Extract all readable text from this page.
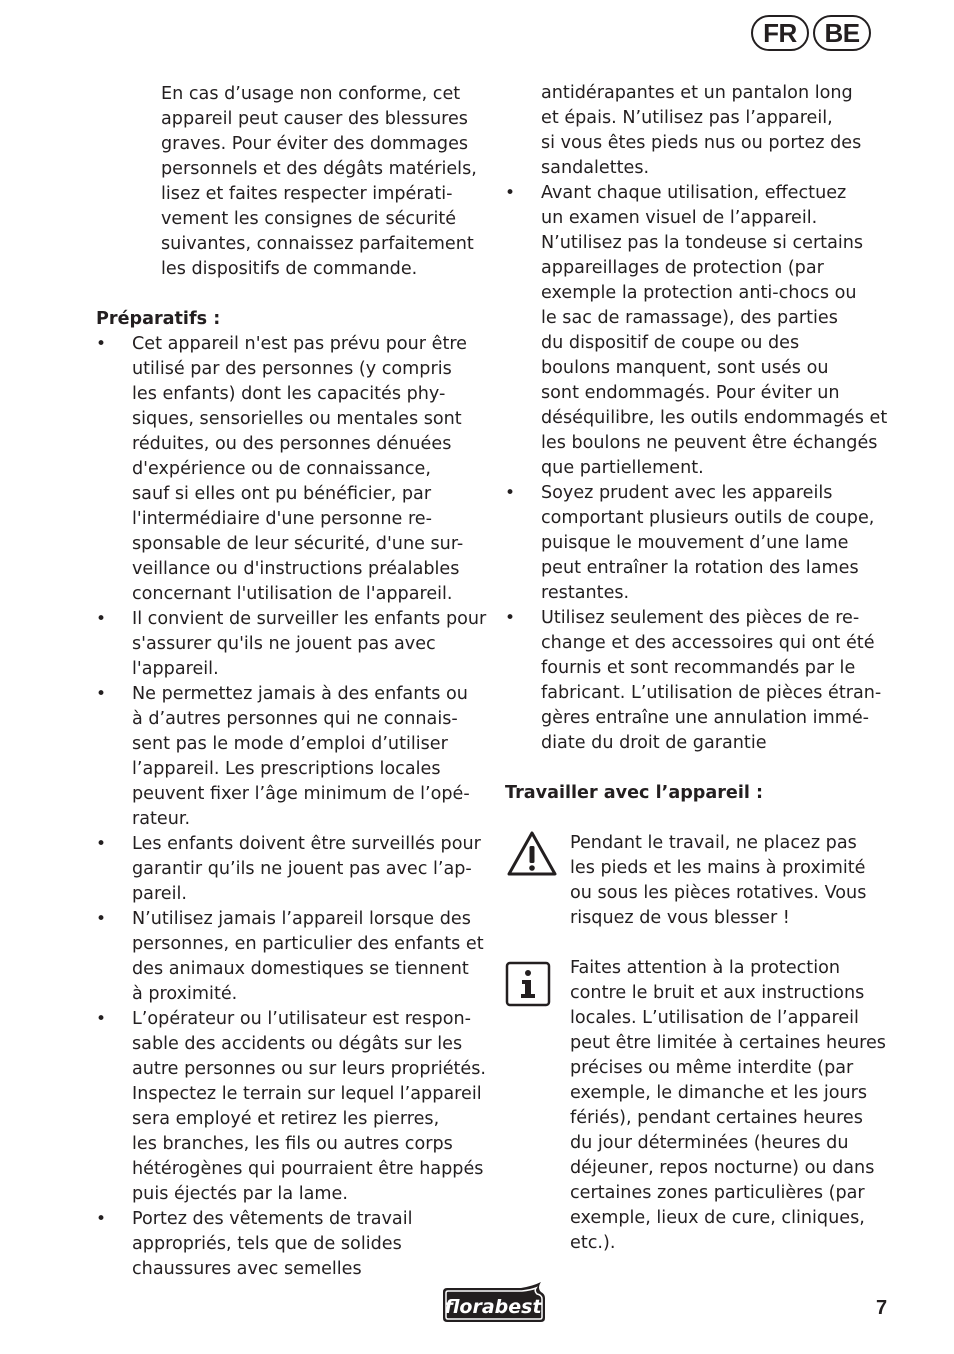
FR	BE
En cas d’usage non conforme, cet
appareil peut causer des blessures
graves. Pour éviter des dommages
personnels et des dégâts matériels,
lisez et faites respecter impérati-
vement les consignes de sécurité
suivantes, connaissez parfaitement
les dispositifs de commande.
Préparatifs :
•	Cet appareil n'est pas prévu pour être
utilisé par des personnes (y compris
les enfants) dont les capacités phy-
siques, sensorielles ou mentales sont
réduites, ou des personnes dénuées
d'expérience ou de connaissance,
sauf si elles ont pu bénéficier, par
l'intermédiaire d'une personne re-
sponsable de leur sécurité, d'une sur-
veillance ou d'instructions préalables
concernant l'utilisation de l'appareil.
•	Il convient de surveiller les enfants pour
s'assurer qu'ils ne jouent pas avec
l'appareil.
•	Ne permettez jamais à des enfants ou
à d’autres personnes qui ne connais-
sent pas le mode d’emploi d’utiliser
l’appareil. Les prescriptions locales
peuvent fixer l’âge minimum de l’opé-
rateur.
•	Les enfants doivent être surveillés pour
garantir qu’ils ne jouent pas avec l’ap-
pareil.
•	N’utilisez jamais l’appareil lorsque des
personnes, en particulier des enfants et
des animaux domestiques se tiennent
à proximité.
•	L’opérateur ou l’utilisateur est respon-
sable des accidents ou dégâts sur les
autre personnes ou sur leurs propriétés.
Inspectez le terrain sur lequel l’appareil
sera employé et retirez les pierres,
les branches, les fils ou autres corps
hétérogènes qui pourraient être happés
puis éjectés par la lame.
•	Portez des vêtements de travail
appropriés, tels que de solides
chaussures avec semelles
antidérapantes et un pantalon long
et épais. N’utilisez pas l’appareil,
si vous êtes pieds nus ou portez des
sandalettes.
•	Avant chaque utilisation, effectuez
un examen visuel de l’appareil.
N’utilisez pas la tondeuse si certains
appareillages de protection (par
exemple la protection anti-chocs ou
le sac de ramassage), des parties
du dispositif de coupe ou des
boulons manquent, sont usés ou
sont endommagés. Pour éviter un
déséquilibre, les outils endommagés et
les boulons ne peuvent être échangés
que partiellement.
•	Soyez prudent avec les appareils
comportant plusieurs outils de coupe,
puisque le mouvement d’une lame
peut entraîner la rotation des lames
restantes.
•	Utilisez seulement des pièces de re-
change et des accessoires qui ont été
fournis et sont recommandés par le
fabricant. L’utilisation de pièces étran-
gères entraîne une annulation immé-
diate du droit de garantie
Travailler avec l’appareil :
Pendant le travail, ne placez pas
les pieds et les mains à proximité
ou sous les pièces rotatives. Vous
risquez de vous blesser !
Faites attention à la protection
contre le bruit et aux instructions
locales. L’utilisation de l’appareil
peut être limitée à certaines heures
précises ou même interdite (par
exemple, le dimanche et les jours
fériés), pendant certaines heures
du jour déterminées (heures du
déjeuner, repos nocturne) ou dans
certaines zones particulières (par
exemple, lieux de cure, cliniques,
etc.).
florabest	7
